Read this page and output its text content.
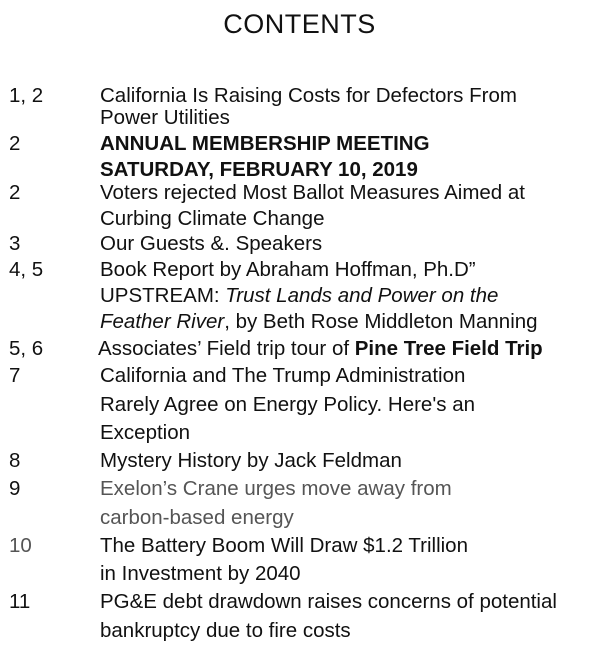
CONTENTS
1, 2	California Is Raising Costs for Defectors From
Power Utilities
2	ANNUAL MEMBERSHIP MEETING
SATURDAY, FEBRUARY 10, 2019
2	Voters rejected Most Ballot Measures Aimed at
Curbing Climate Change
3	Our Guests &. Speakers
4, 5	Book Report by Abraham Hoffman, Ph.D”
UPSTREAM: Trust Lands and Power on the
Feather River, by Beth Rose Middleton Manning
5, 6	Associates’ Field trip tour of Pine Tree Field Trip
7	California and The Trump Administration
Rarely Agree on Energy Policy. Here's an
Exception
8	Mystery History by Jack Feldman
9	Exelon’s Crane urges move away from
carbon-based energy
10	The Battery Boom Will Draw $1.2 Trillion
in Investment by 2040
11	PG&E debt drawdown raises concerns of potential
bankruptcy due to fire costs
